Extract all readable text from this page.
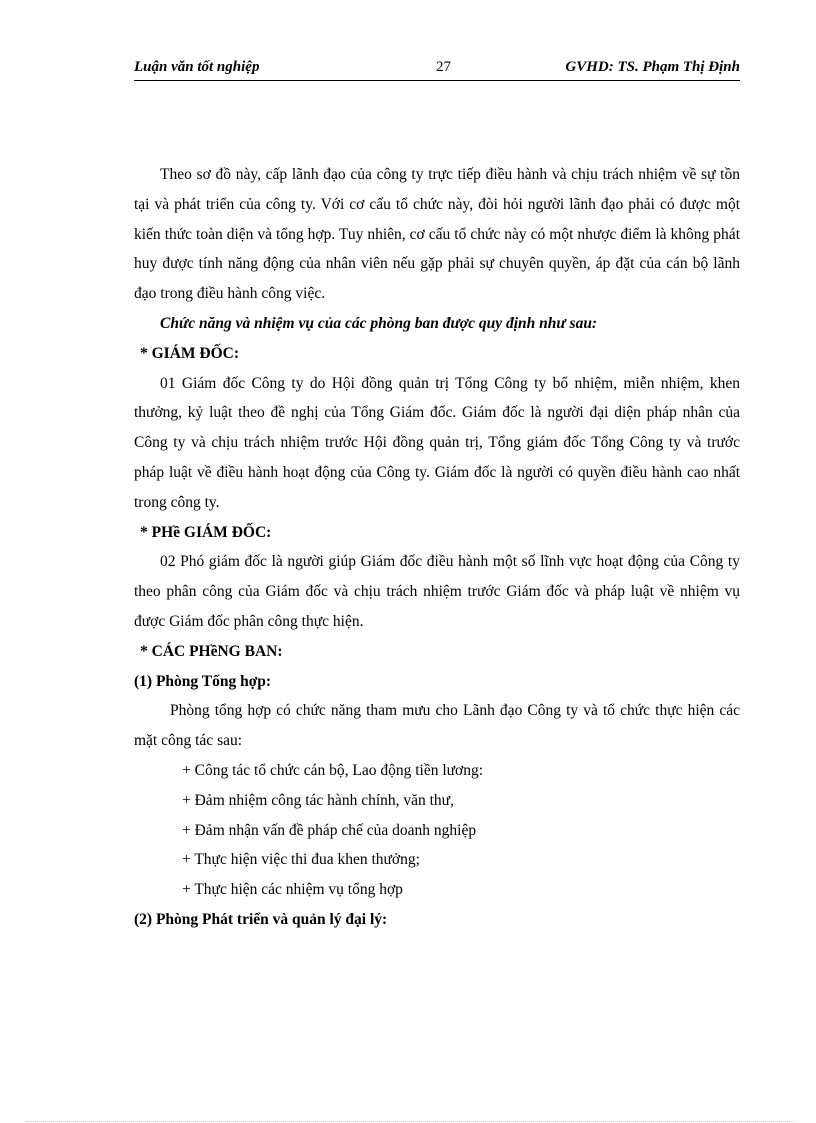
Luận văn tốt nghiệp	27	GVHD: TS. Phạm Thị Định

Theo sơ đồ này, cấp lãnh đạo của công ty trực tiếp điều hành và chịu trách nhiệm về sự tồn tại và phát triển của công ty. Với cơ cấu tổ chức này, đòi hỏi người lãnh đạo phải có được một kiến thức toàn diện và tổng hợp. Tuy nhiên, cơ cấu tổ chức này có một nhược điểm là không phát huy được tính năng động của nhân viên nếu gặp phải sự chuyên quyền, áp đặt của cán bộ lãnh đạo trong điều hành công việc.

Chức năng và nhiệm vụ của các phòng ban được quy định như sau:

* GIÁM ĐỐC:

01 Giám đốc Công ty do Hội đồng quản trị Tổng Công ty bổ nhiệm, miễn nhiệm, khen thưởng, kỷ luật theo đề nghị của Tổng Giám đốc. Giám đốc là người đại diện pháp nhân của Công ty và chịu trách nhiệm trước Hội đồng quản trị, Tổng giám đốc Tổng Công ty và trước pháp luật về điều hành hoạt động của Công ty. Giám đốc là người có quyền điều hành cao nhất trong công ty.

* PHề GIÁM ĐỐC:

02 Phó giám đốc là người giúp Giám đốc điều hành một số lĩnh vực hoạt động của Công ty theo phân công của Giám đốc và chịu trách nhiệm trước Giám đốc và pháp luật về nhiệm vụ được Giám đốc phân công thực hiện.

* CÁC PHềNG BAN:

(1) Phòng Tổng hợp:

Phòng tổng hợp có chức năng tham mưu cho Lãnh đạo Công ty và tổ chức thực hiện các mặt công tác sau:

+ Công tác tổ chức cán bộ, Lao động tiền lương:

+ Đảm nhiệm công tác hành chính, văn thư,

+ Đảm nhận vấn đề pháp chế của doanh nghiệp

+ Thực hiện việc thi đua khen thưởng;

+ Thực hiện các nhiệm vụ tổng hợp

(2) Phòng Phát triển và quản lý đại lý:
